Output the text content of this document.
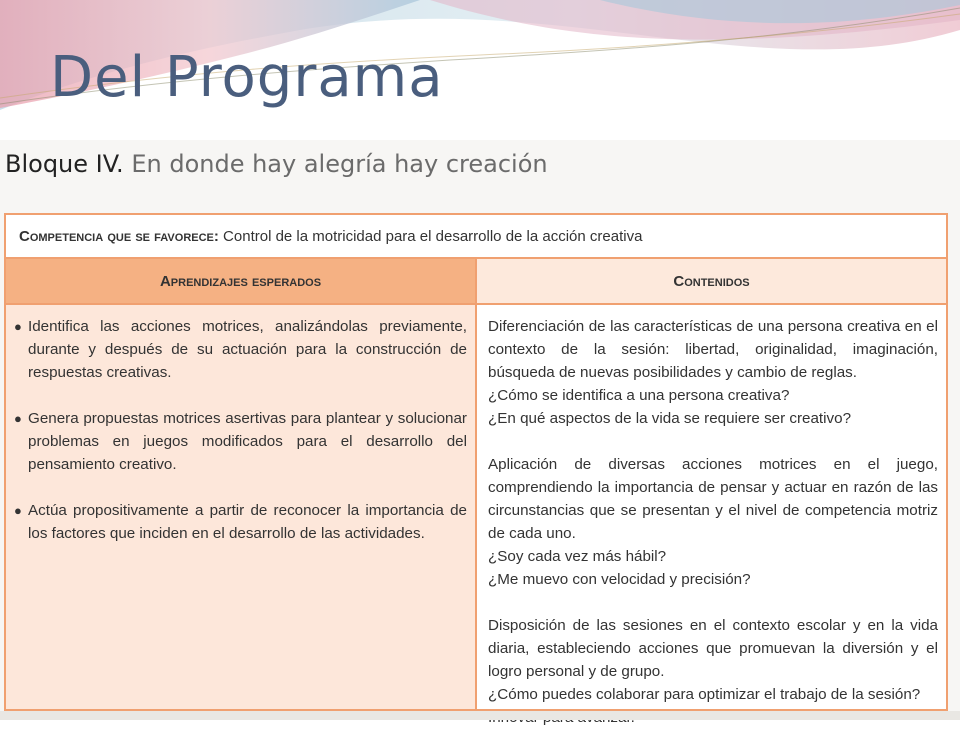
Del Programa
Bloque IV. En donde hay alegría hay creación
Competencia que se favorece: Control de la motricidad para el desarrollo de la acción creativa
Aprendizajes esperados	Contenidos
● Identifica las acciones motrices, analizándolas previamente, durante y después de su actuación para la construcción de respuestas creativas.
● Genera propuestas motrices asertivas para plantear y solucionar problemas en juegos modificados para el desarrollo del pensamiento creativo.
● Actúa propositivamente a partir de reconocer la importancia de los factores que inciden en el desarrollo de las actividades.
Diferenciación de las características de una persona creativa en el contexto de la sesión: libertad, originalidad, imaginación, búsqueda de nuevas posibilidades y cambio de reglas.
¿Cómo se identifica a una persona creativa?
¿En qué aspectos de la vida se requiere ser creativo?
Aplicación de diversas acciones motrices en el juego, comprendiendo la importancia de pensar y actuar en razón de las circunstancias que se presentan y el nivel de competencia motriz de cada uno.
¿Soy cada vez más hábil?
¿Me muevo con velocidad y precisión?
Disposición de las sesiones en el contexto escolar y en la vida diaria, estableciendo acciones que promuevan la diversión y el logro personal y de grupo.
¿Cómo puedes colaborar para optimizar el trabajo de la sesión?
